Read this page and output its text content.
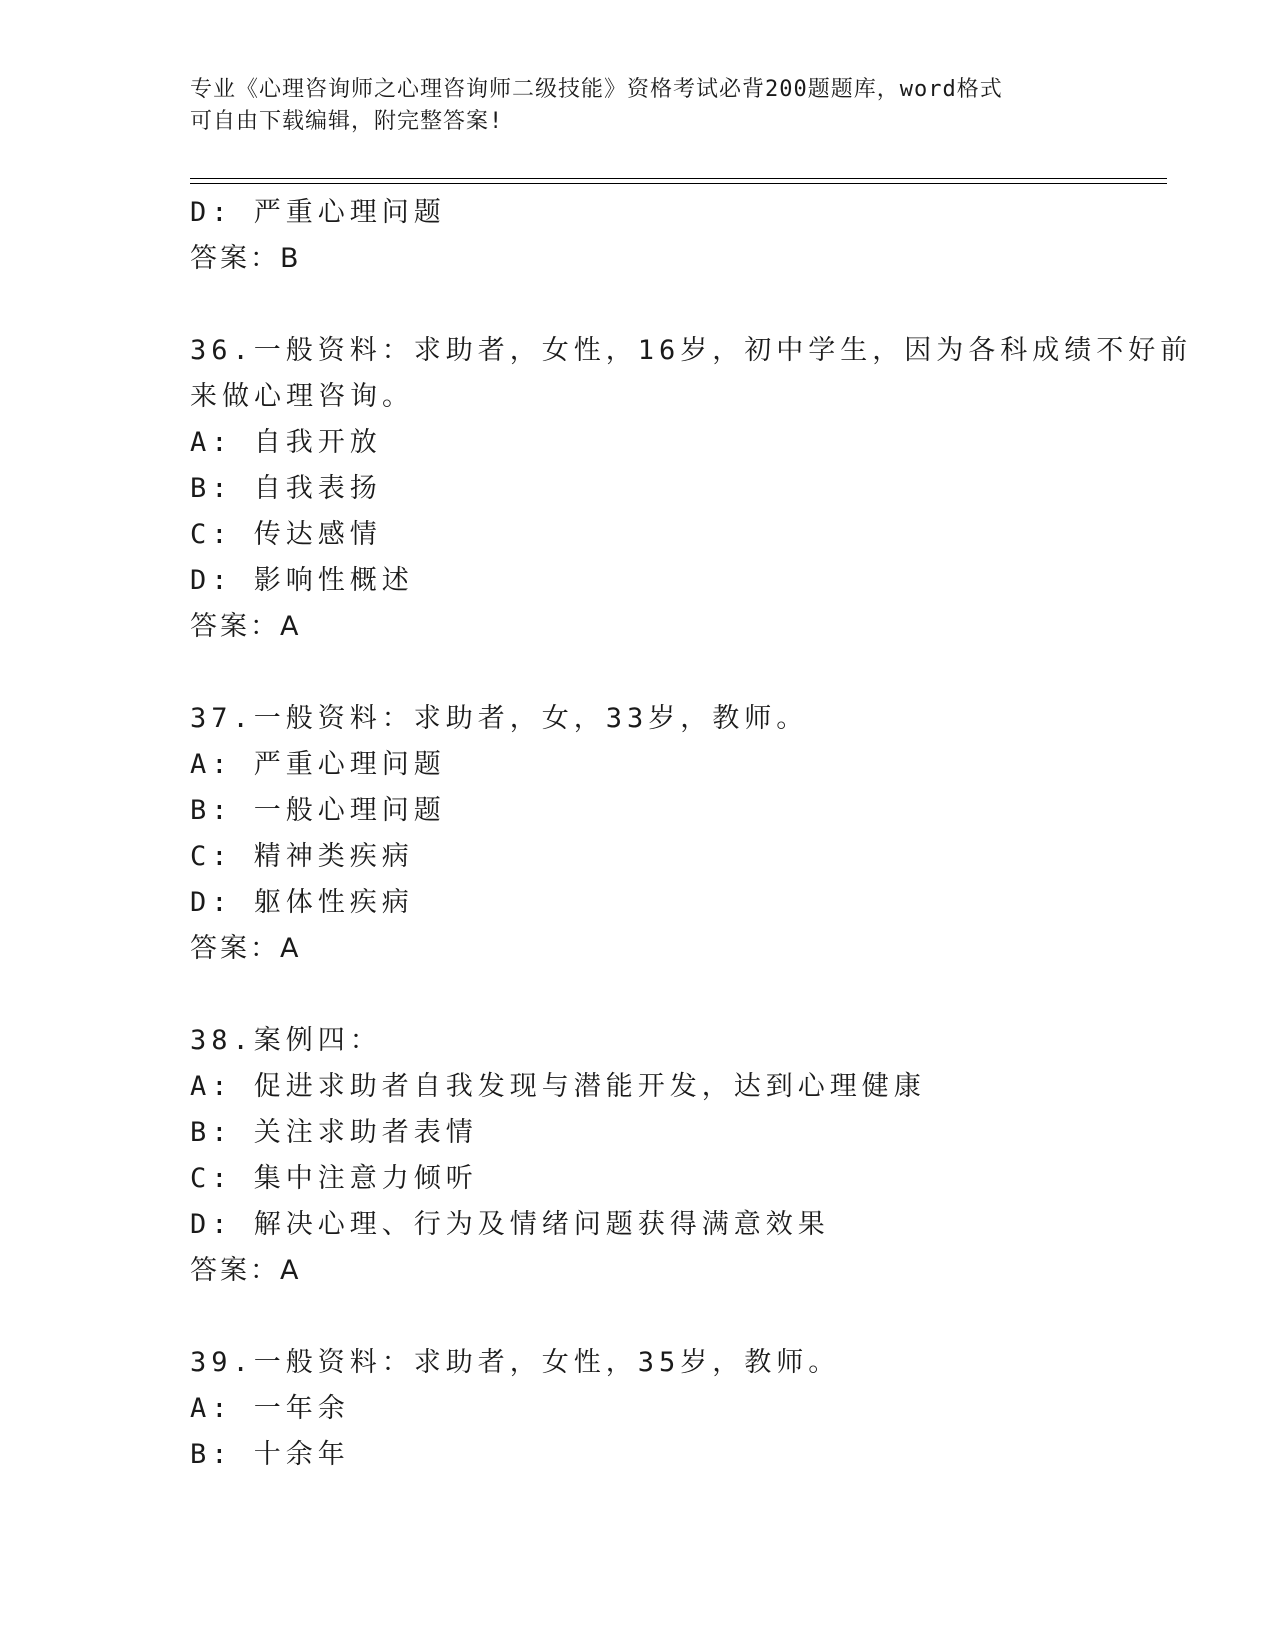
专业《心理咨询师之心理咨询师二级技能》资格考试必背200题题库，word格式
可自由下载编辑，附完整答案!
D: 严重心理问题
答案：B
36.一般资料：求助者，女性，16岁，初中学生，因为各科成绩不好前
来做心理咨询。
A: 自我开放
B: 自我表扬
C: 传达感情
D: 影响性概述
答案：A
37.一般资料：求助者，女，33岁，教师。
A: 严重心理问题
B: 一般心理问题
C: 精神类疾病
D: 躯体性疾病
答案：A
38.案例四：
A: 促进求助者自我发现与潜能开发，达到心理健康
B: 关注求助者表情
C: 集中注意力倾听
D: 解决心理、行为及情绪问题获得满意效果
答案：A
39.一般资料：求助者，女性，35岁，教师。
A: 一年余
B: 十余年
